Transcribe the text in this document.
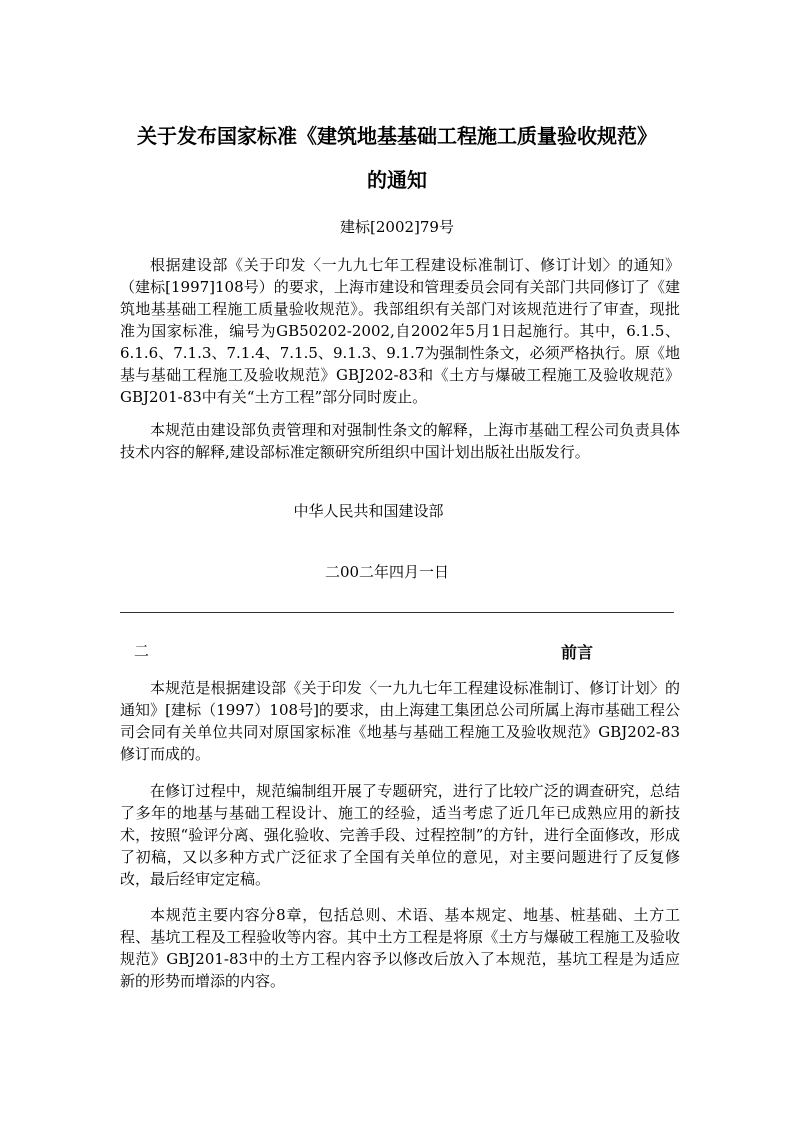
关于发布国家标准《建筑地基基础工程施工质量验收规范》
的通知

建标[2002]79号

根据建设部《关于印发〈一九九七年工程建设标准制订、修订计划〉的通知》（建标[1997]108号）的要求，上海市建设和管理委员会同有关部门共同修订了《建筑地基基础工程施工质量验收规范》。我部组织有关部门对该规范进行了审查，现批准为国家标准，编号为GB50202-2002,自2002年5月1日起施行。其中，6.1.5、6.1.6、7.1.3、7.1.4、7.1.5、9.1.3、9.1.7为强制性条文，必须严格执行。原《地基与基础工程施工及验收规范》GBJ202-83和《土方与爆破工程施工及验收规范》GBJ201-83中有关“土方工程”部分同时废止。

本规范由建设部负责管理和对强制性条文的解释，上海市基础工程公司负责具体技术内容的解释,建设部标准定额研究所组织中国计划出版社出版发行。

中华人民共和国建设部

二00二年四月一日

二	前言

本规范是根据建设部《关于印发〈一九九七年工程建设标准制订、修订计划〉的通知》[建标（1997）108号]的要求，由上海建工集团总公司所属上海市基础工程公司会同有关单位共同对原国家标准《地基与基础工程施工及验收规范》GBJ202-83修订而成的。

在修订过程中，规范编制组开展了专题研究，进行了比较广泛的调查研究，总结了多年的地基与基础工程设计、施工的经验，适当考虑了近几年已成熟应用的新技术，按照“验评分离、强化验收、完善手段、过程控制”的方针，进行全面修改，形成了初稿，又以多种方式广泛征求了全国有关单位的意见，对主要问题进行了反复修改，最后经审定定稿。

本规范主要内容分8章，包括总则、术语、基本规定、地基、桩基础、土方工程、基坑工程及工程验收等内容。其中土方工程是将原《土方与爆破工程施工及验收规范》GBJ201-83中的土方工程内容予以修改后放入了本规范，基坑工程是为适应新的形势而增添的内容。
